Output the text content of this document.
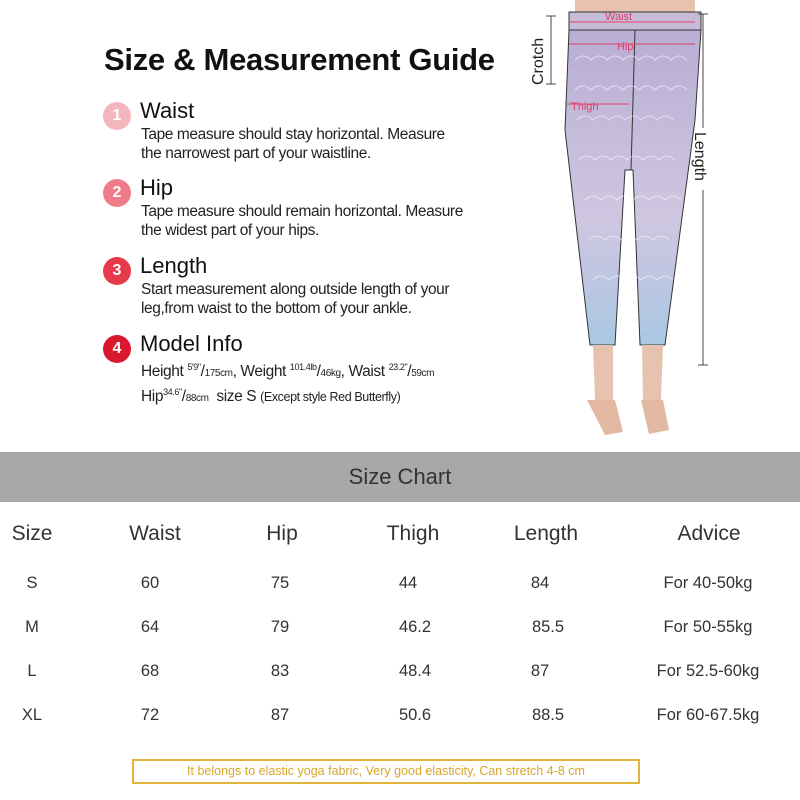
Size & Measurement Guide
1 Waist

Tape measure should stay horizontal. Measure

the narrowest part of your waistline.

2 Hip

Tape measure should remain horizontal. Measure

the widest part of your hips.

3 Length

Start measurement along outside length of your

leg,from waist to the bottom of your ankle.

4 Model Info

Height $^{5'9"}$/175cm, Weight $^{101.4lb}$/46kg, Waist $^{23.2"}$/59cm

Hip$^{34.6"}$/88cm size S (Except style Red Butterfly)

Waist
Hip
Thigh
Crotch
Length
Size Chart
Size	Waist	Hip	Thigh	Length	Advice
S	60	75	44	84	For 40-50kg
M	64	79	46.2	85.5	For 50-55kg
L	68	83	48.4	87	For 52.5-60kg
XL	72	87	50.6	88.5	For 60-67.5kg
It belongs to elastic yoga fabric, Very good elasticity, Can stretch 4-8 cm
